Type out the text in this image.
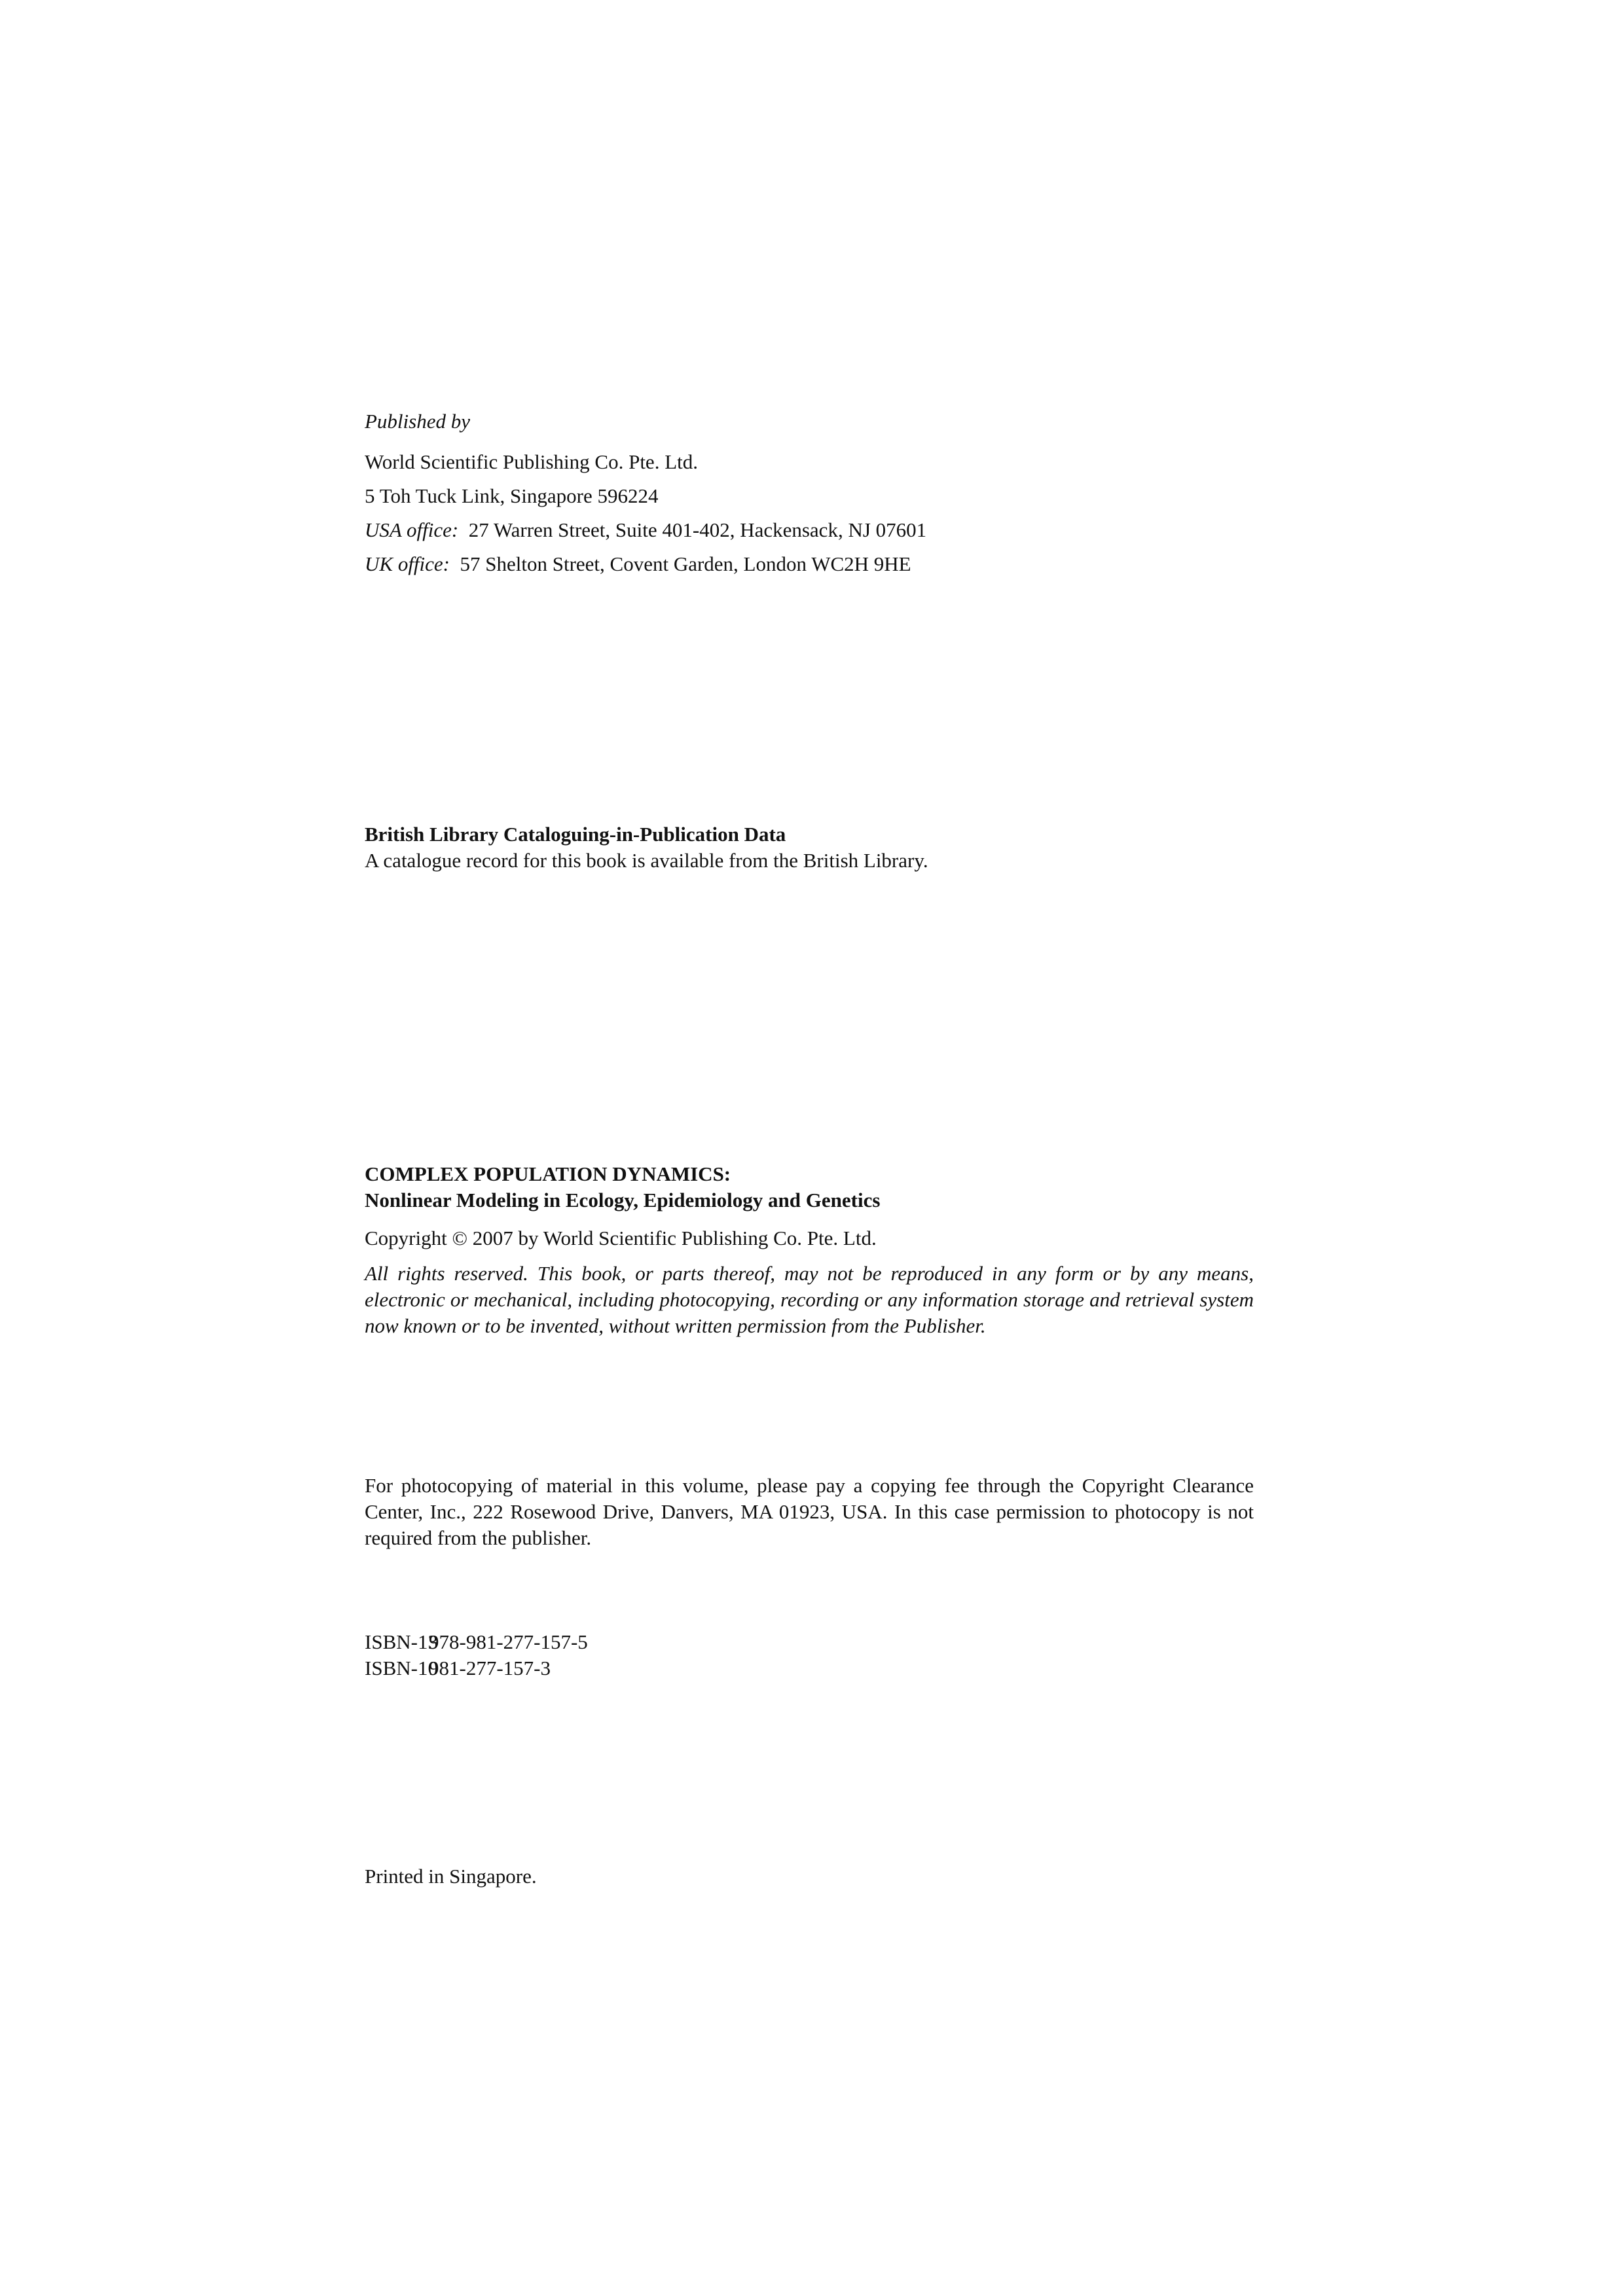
Published by
World Scientific Publishing Co. Pte. Ltd.
5 Toh Tuck Link, Singapore 596224
USA office: 27 Warren Street, Suite 401-402, Hackensack, NJ 07601
UK office: 57 Shelton Street, Covent Garden, London WC2H 9HE
British Library Cataloguing-in-Publication Data
A catalogue record for this book is available from the British Library.
COMPLEX POPULATION DYNAMICS:
Nonlinear Modeling in Ecology, Epidemiology and Genetics
Copyright © 2007 by World Scientific Publishing Co. Pte. Ltd.
All rights reserved. This book, or parts thereof, may not be reproduced in any form or by any means, electronic or mechanical, including photocopying, recording or any information storage and retrieval system now known or to be invented, without written permission from the Publisher.
For photocopying of material in this volume, please pay a copying fee through the Copyright Clearance Center, Inc., 222 Rosewood Drive, Danvers, MA 01923, USA. In this case permission to photocopy is not required from the publisher.
ISBN-13978-981-277-157-5
ISBN-10981-277-157-3
Printed in Singapore.
